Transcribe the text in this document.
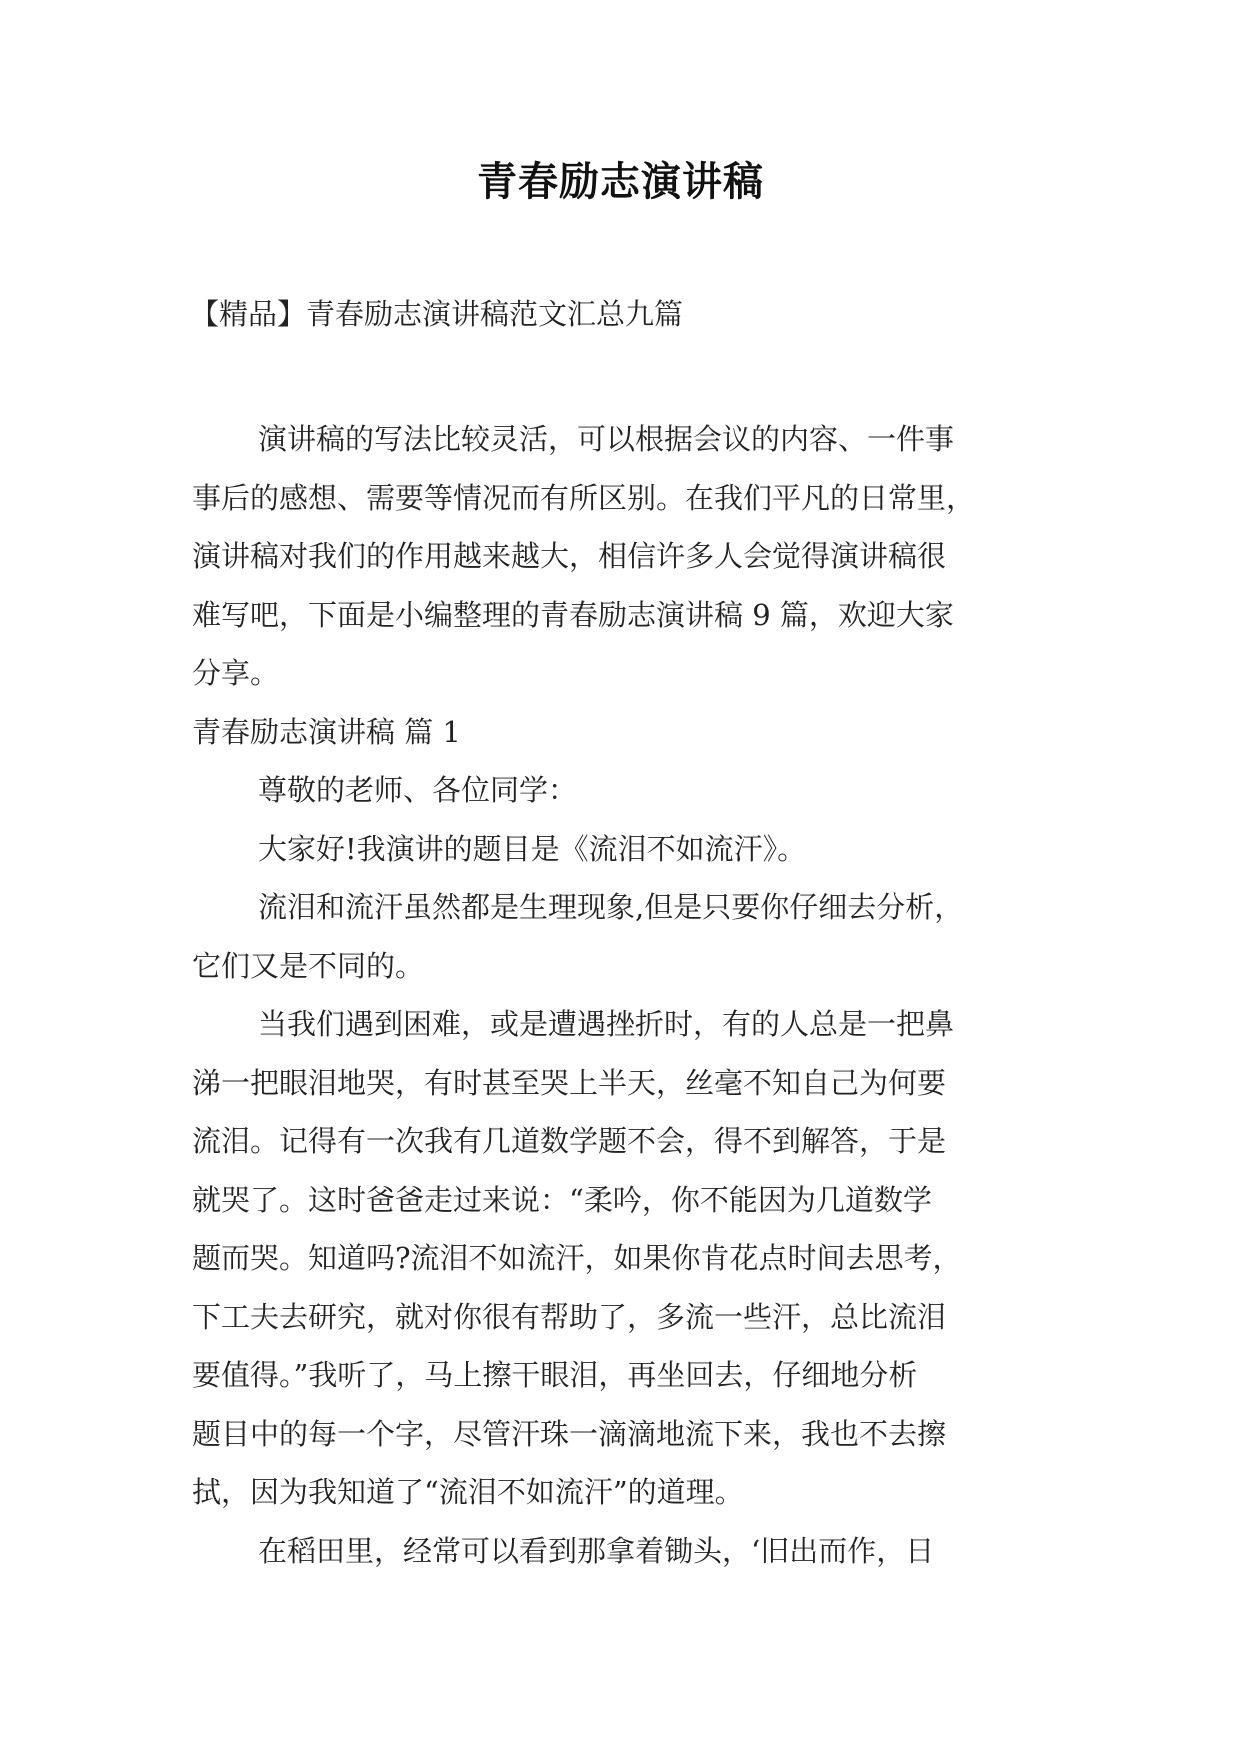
青春励志演讲稿
【精品】青春励志演讲稿范文汇总九篇
演讲稿的写法比较灵活，可以根据会议的内容、一件事
事后的感想、需要等情况而有所区别。在我们平凡的日常里，
演讲稿对我们的作用越来越大，相信许多人会觉得演讲稿很
难写吧，下面是小编整理的青春励志演讲稿 9 篇，欢迎大家
分享。
青春励志演讲稿 篇 1
尊敬的老师、各位同学：
大家好!我演讲的题目是《流泪不如流汗》。
流泪和流汗虽然都是生理现象,但是只要你仔细去分析，
它们又是不同的。
当我们遇到困难，或是遭遇挫折时，有的人总是一把鼻
涕一把眼泪地哭，有时甚至哭上半天，丝毫不知自己为何要
流泪。记得有一次我有几道数学题不会，得不到解答，于是
就哭了。这时爸爸走过来说：“柔吟，你不能因为几道数学
题而哭。知道吗?流泪不如流汗，如果你肯花点时间去思考，
下工夫去研究，就对你很有帮助了，多流一些汗，总比流泪
要值得。”我听了，马上擦干眼泪，再坐回去，仔细地分析
题目中的每一个字，尽管汗珠一滴滴地流下来，我也不去擦
拭，因为我知道了“流泪不如流汗”的道理。
在稻田里，经常可以看到那拿着锄头，‘旧出而作，日
